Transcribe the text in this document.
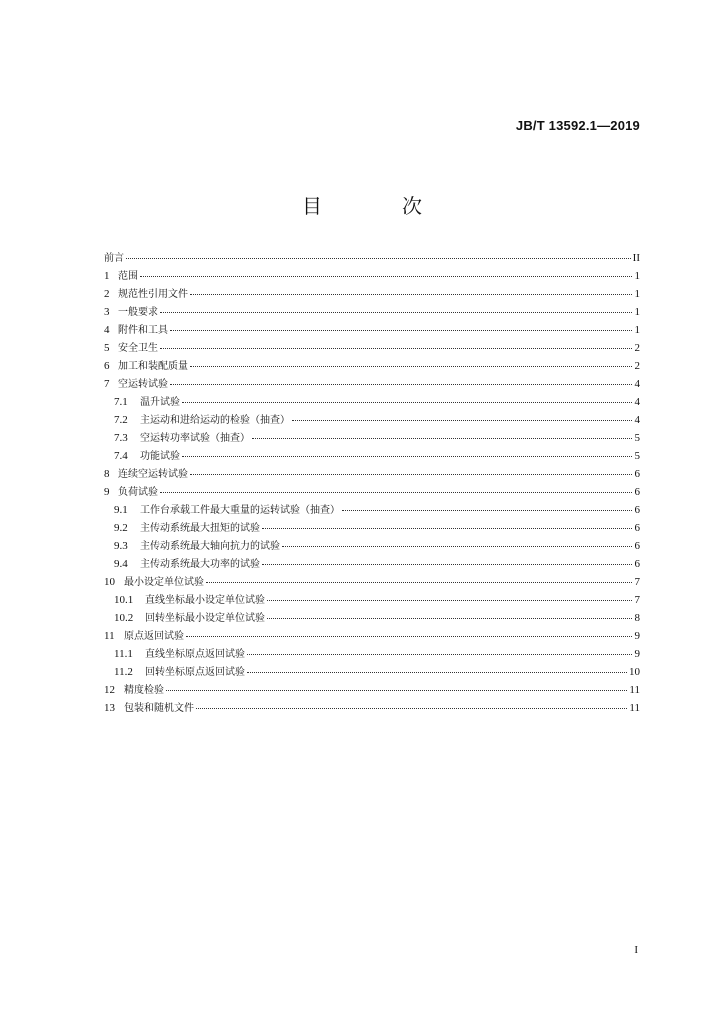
JB/T 13592.1—2019
目　次
前言	II
1 范围	1
2 规范性引用文件	1
3 一般要求	1
4 附件和工具	1
5 安全卫生	2
6 加工和装配质量	2
7 空运转试验	4
7.1	温升试验	4
7.2	主运动和进给运动的检验（抽查）	4
7.3	空运转功率试验（抽查）	5
7.4	功能试验	5
8 连续空运转试验	6
9 负荷试验	6
9.1	工作台承载工件最大重量的运转试验（抽查）	6
9.2	主传动系统最大扭矩的试验	6
9.3	主传动系统最大轴向抗力的试验	6
9.4	主传动系统最大功率的试验	6
10 最小设定单位试验	7
10.1	直线坐标最小设定单位试验	7
10.2	回转坐标最小设定单位试验	8
11 原点返回试验	9
11.1	直线坐标原点返回试验	9
11.2	回转坐标原点返回试验	10
12 精度检验	11
13 包装和随机文件	11
I
